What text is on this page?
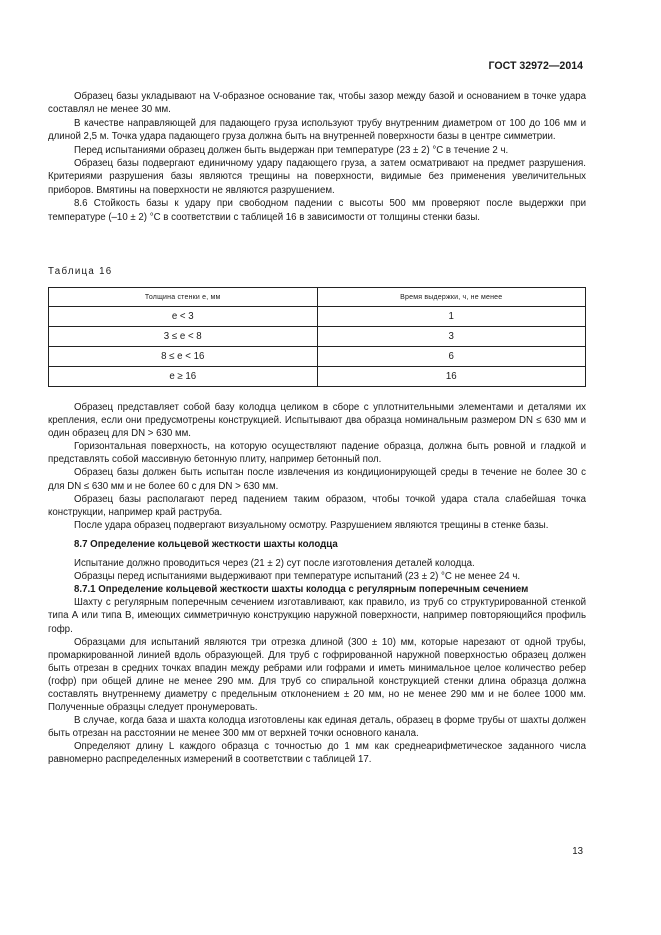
ГОСТ 32972—2014

Образец базы укладывают на V-образное основание так, чтобы зазор между базой и основанием в точке удара составлял не менее 30 мм.

В качестве направляющей для падающего груза используют трубу внутренним диаметром от 100 до 106 мм и длиной 2,5 м. Точка удара падающего груза должна быть на внутренней поверхности базы в центре симметрии.

Перед испытаниями образец должен быть выдержан при температуре (23 ± 2) °С в течение 2 ч.

Образец базы подвергают единичному удару падающего груза, а затем осматривают на предмет разрушения. Критериями разрушения базы являются трещины на поверхности, видимые без применения увеличительных приборов. Вмятины на поверхности не являются разрушением.

8.6 Стойкость базы к удару при свободном падении с высоты 500 мм проверяют после выдержки при температуре (–10 ± 2) °С в соответствии с таблицей 16 в зависимости от толщины стенки базы.

Таблица 16
Толщина стенки е, мм	Время выдержки, ч, не менее
е < 3	1
3 ≤ е < 8	3
8 ≤ е < 16	6
е ≥ 16	16

Образец представляет собой базу колодца целиком в сборе с уплотнительными элементами и деталями их крепления, если они предусмотрены конструкцией. Испытывают два образца номинальным размером DN ≤ 630 мм и один образец для DN > 630 мм.

Горизонтальная поверхность, на которую осуществляют падение образца, должна быть ровной и гладкой и представлять собой массивную бетонную плиту, например бетонный пол.

Образец базы должен быть испытан после извлечения из кондиционирующей среды в течение не более 30 с для DN ≤ 630 мм и не более 60 с для DN > 630 мм.

Образец базы располагают перед падением таким образом, чтобы точкой удара стала слабейшая точка конструкции, например край раструба.

После удара образец подвергают визуальному осмотру. Разрушением являются трещины в стенке базы.

8.7 Определение кольцевой жесткости шахты колодца

Испытание должно проводиться через (21 ± 2) сут после изготовления деталей колодца.

Образцы перед испытаниями выдерживают при температуре испытаний (23 ± 2) °С не менее 24 ч.

8.7.1 Определение кольцевой жесткости шахты колодца с регулярным поперечным сечением

Шахту с регулярным поперечным сечением изготавливают, как правило, из труб со структурированной стенкой типа А или типа В, имеющих симметричную конструкцию наружной поверхности, например повторяющийся профиль гофр.

Образцами для испытаний являются три отрезка длиной (300 ± 10) мм, которые нарезают от одной трубы, промаркированной линией вдоль образующей. Для труб с гофрированной наружной поверхностью образец должен быть отрезан в средних точках впадин между ребрами или гофрами и иметь минимальное целое количество ребер (гофр) при общей длине не менее 290 мм. Для труб со спиральной конструкцией стенки длина образца должна составлять внутреннему диаметру с предельным отклонением ± 20 мм, но не менее 290 мм и не более 1000 мм. Полученные образцы следует пронумеровать.

В случае, когда база и шахта колодца изготовлены как единая деталь, образец в форме трубы от шахты должен быть отрезан на расстоянии не менее 300 мм от верхней точки основного канала.

Определяют длину L каждого образца с точностью до 1 мм как среднеарифметическое заданного числа равномерно распределенных измерений в соответствии с таблицей 17.

13
